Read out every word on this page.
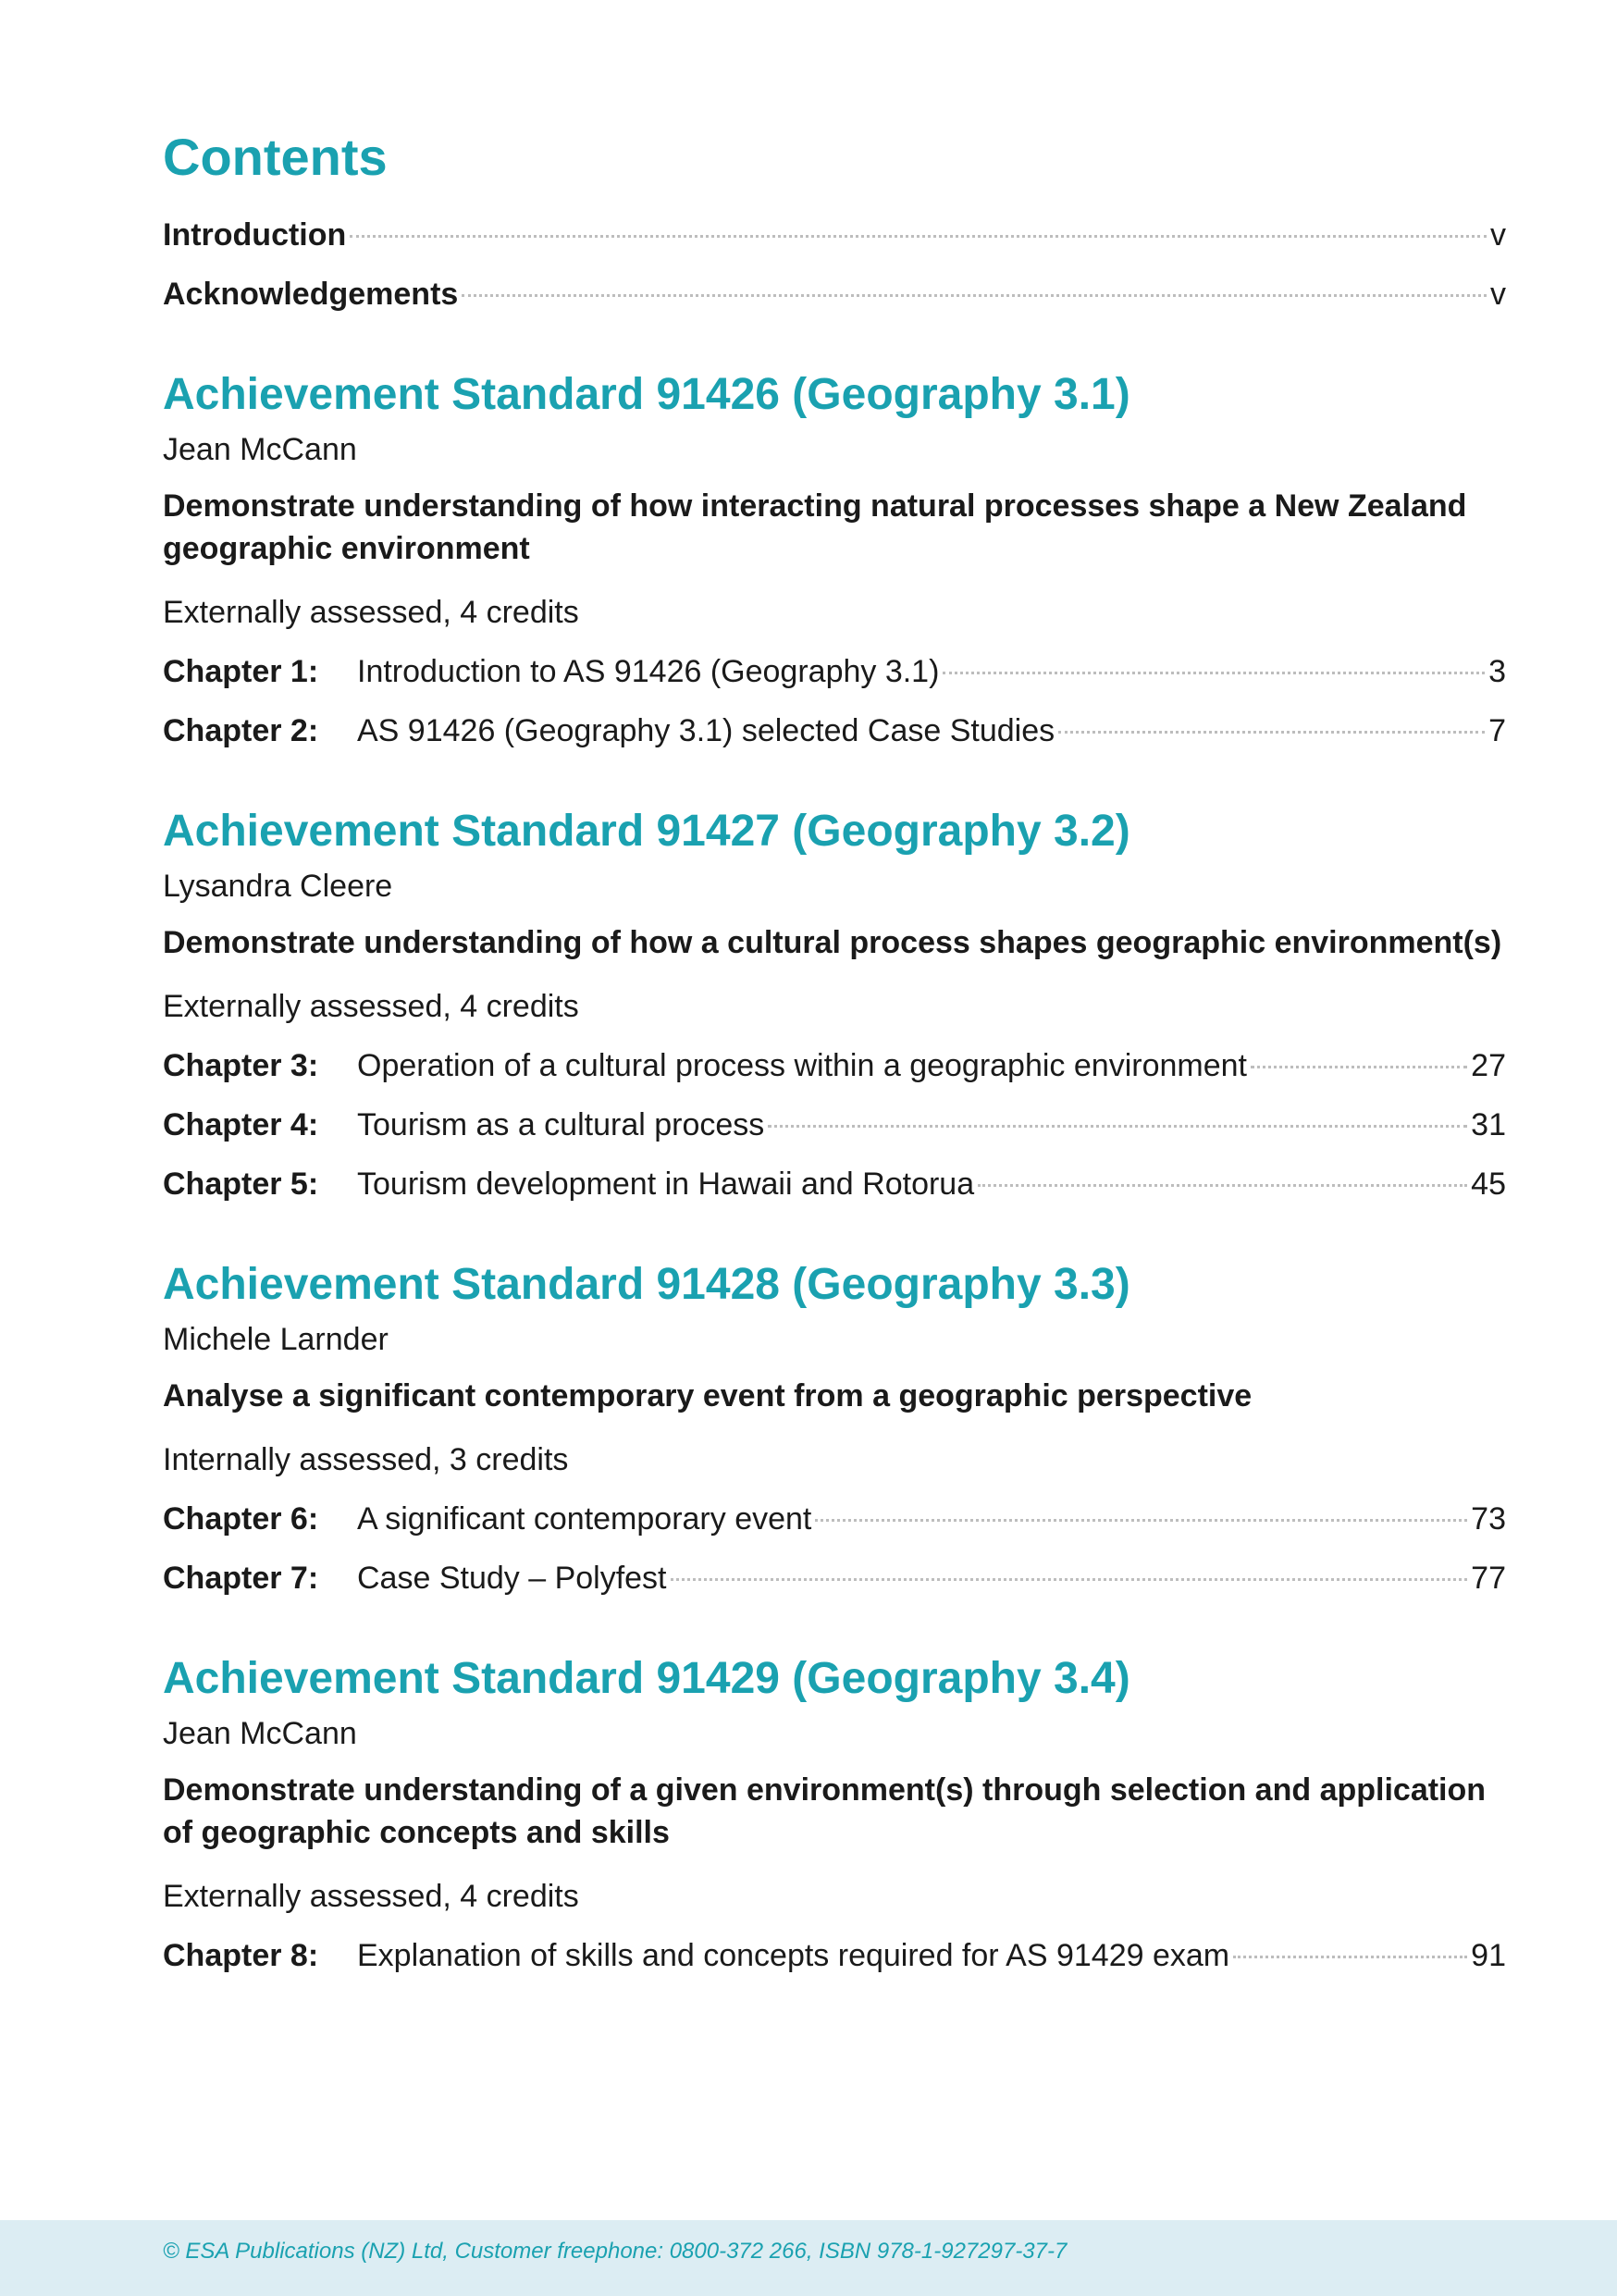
Contents
Introduction	v
Acknowledgements	v
Achievement Standard 91426 (Geography 3.1)

Jean McCann

Demonstrate understanding of how interacting natural processes shape a New Zealand geographic environment

Externally assessed, 4 credits

Chapter 1:	Introduction to AS 91426 (Geography 3.1)	3
Chapter 2:	AS 91426 (Geography 3.1) selected Case Studies	7
Achievement Standard 91427 (Geography 3.2)

Lysandra Cleere

Demonstrate understanding of how a cultural process shapes geographic environment(s)

Externally assessed, 4 credits

Chapter 3:	Operation of a cultural process within a geographic environment	27
Chapter 4:	Tourism as a cultural process	31
Chapter 5:	Tourism development in Hawaii and Rotorua	45
Achievement Standard 91428 (Geography 3.3)

Michele Larnder

Analyse a significant contemporary event from a geographic perspective

Internally assessed, 3 credits

Chapter 6:	A significant contemporary event	73
Chapter 7:	Case Study – Polyfest	77
Achievement Standard 91429 (Geography 3.4)

Jean McCann

Demonstrate understanding of a given environment(s) through selection and application of geographic concepts and skills

Externally assessed, 4 credits

Chapter 8:	Explanation of skills and concepts required for AS 91429 exam	91
© ESA Publications (NZ) Ltd, Customer freephone: 0800-372 266, ISBN 978-1-927297-37-7
